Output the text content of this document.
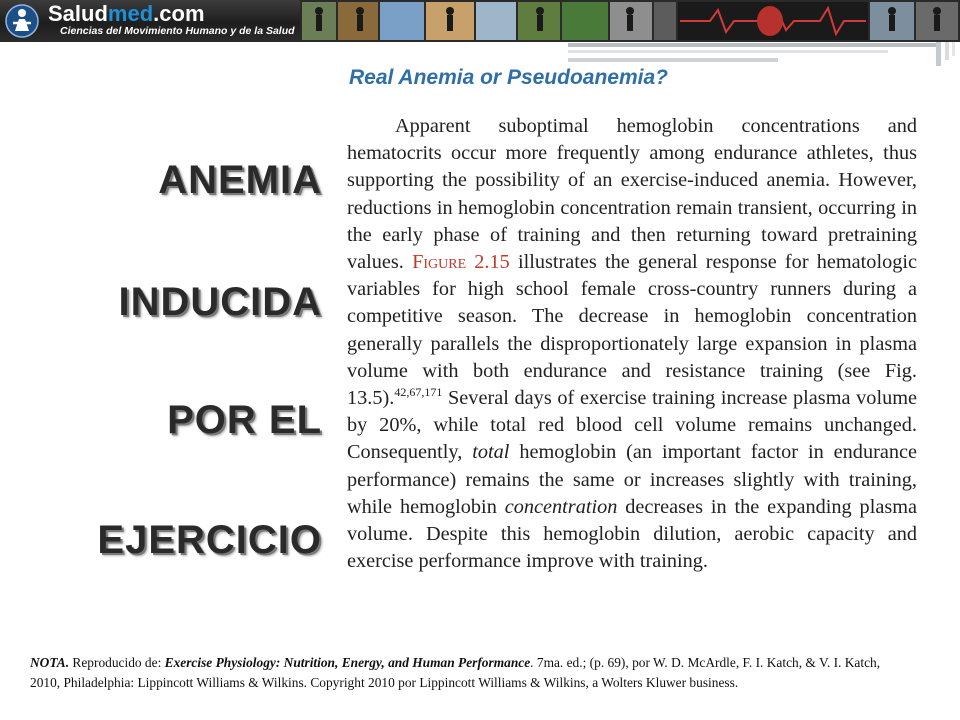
Saludmed.com
Ciencias del Movimiento Humano y de la Salud
ANEMIA
INDUCIDA
POR EL
EJERCICIO
Real Anemia or Pseudoanemia?
Apparent suboptimal hemoglobin concentrations and hematocrits occur more frequently among endurance athletes, thus supporting the possibility of an exercise-induced anemia. However, reductions in hemoglobin concentration remain transient, occurring in the early phase of training and then returning toward pretraining values. Figure 2.15 illustrates the general response for hematologic variables for high school female cross-country runners during a competitive season. The decrease in hemoglobin concentration generally parallels the disproportionately large expansion in plasma volume with both endurance and resistance training (see Fig. 13.5).$^{42,67,171}$ Several days of exercise training increase plasma volume by 20%, while total red blood cell volume remains unchanged. Consequently, total hemoglobin (an important factor in endurance performance) remains the same or increases slightly with training, while hemoglobin concentration decreases in the expanding plasma volume. Despite this hemoglobin dilution, aerobic capacity and exercise performance improve with training.
NOTA. Reproducido de: Exercise Physiology: Nutrition, Energy, and Human Performance. 7ma. ed.; (p. 69), por W. D. McArdle, F. I. Katch, & V. I. Katch, 2010, Philadelphia: Lippincott Williams & Wilkins. Copyright 2010 por Lippincott Williams & Wilkins, a Wolters Kluwer business.
